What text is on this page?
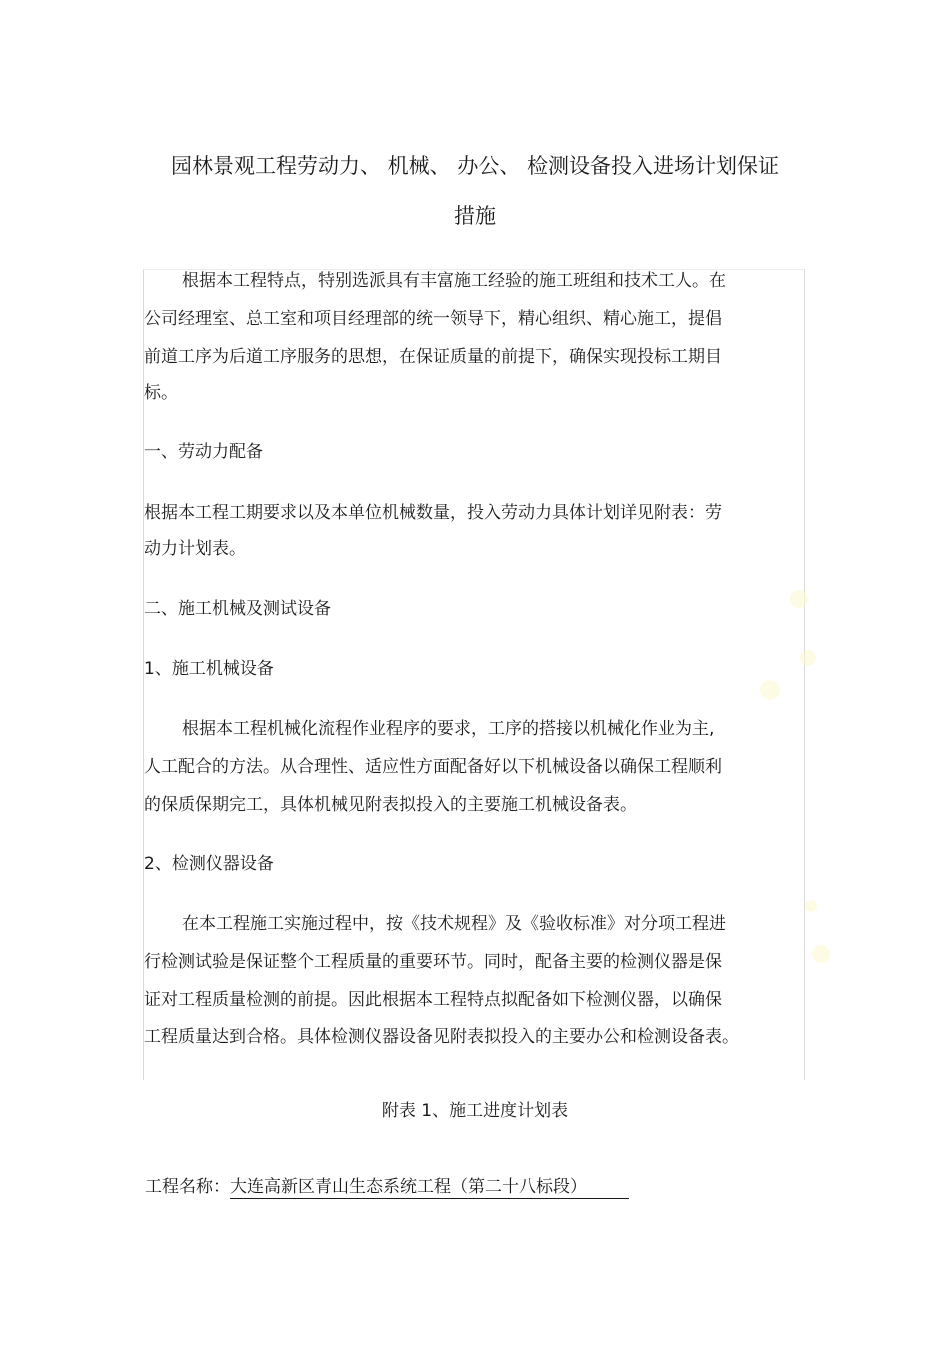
园林景观工程劳动力、 机械、 办公、 检测设备投入进场计划保证
措施
根据本工程特点，特别选派具有丰富施工经验的施工班组和技术工人。在
公司经理室、总工室和项目经理部的统一领导下，精心组织、精心施工，提倡
前道工序为后道工序服务的思想，在保证质量的前提下，确保实现投标工期目
标。
一、劳动力配备
根据本工程工期要求以及本单位机械数量，投入劳动力具体计划详见附表：劳
动力计划表。
二、施工机械及测试设备
1、施工机械设备
根据本工程机械化流程作业程序的要求，工序的搭接以机械化作业为主,
人工配合的方法。从合理性、适应性方面配备好以下机械设备以确保工程顺利
的保质保期完工，具体机械见附表拟投入的主要施工机械设备表。
2、检测仪器设备
在本工程施工实施过程中，按《技术规程》及《验收标准》对分项工程进
行检测试验是保证整个工程质量的重要环节。同时，配备主要的检测仪器是保
证对工程质量检测的前提。因此根据本工程特点拟配备如下检测仪器，以确保
工程质量达到合格。具体检测仪器设备见附表拟投入的主要办公和检测设备表。
附表 1、施工进度计划表
工程名称：大连高新区青山生态系统工程（第二十八标段）
